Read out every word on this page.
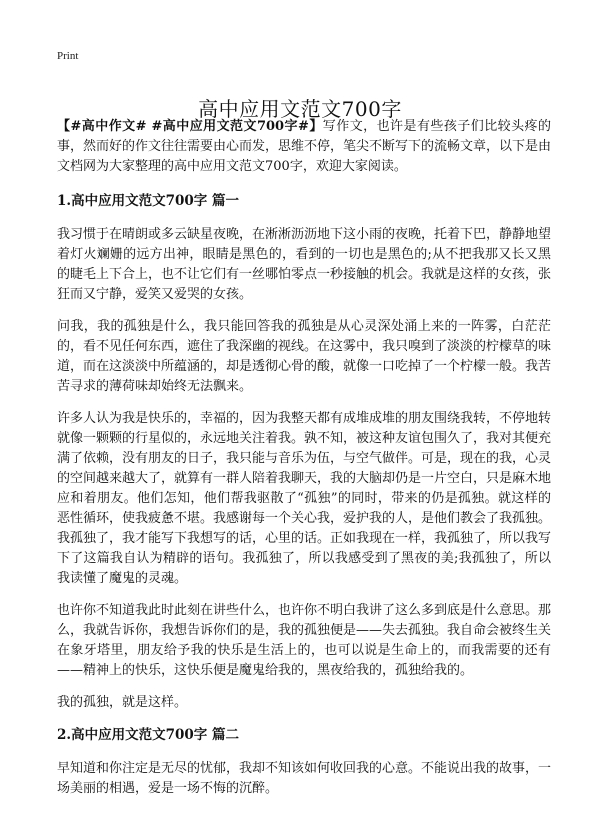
Print
高中应用文范文700字

【#高中作文# #高中应用文范文700字#】写作文，也许是有些孩子们比较头疼的事，然而好的作文往往需要由心而发，思维不停，笔尖不断写下的流畅文章，以下是由文档网为大家整理的高中应用文范文700字，欢迎大家阅读。

1.高中应用文范文700字 篇一

我习惯于在晴朗或多云缺星夜晚，在淅淅沥沥地下这小雨的夜晚，托着下巴，静静地望着灯火斓姗的远方出神，眼睛是黑色的，看到的一切也是黑色的;从不把我那又长又黑的睫毛上下合上，也不让它们有一丝哪怕零点一秒接触的机会。我就是这样的女孩，张狂而又宁静，爱笑又爱哭的女孩。

问我，我的孤独是什么，我只能回答我的孤独是从心灵深处涌上来的一阵雾，白茫茫的，看不见任何东西，遮住了我深幽的视线。在这雾中，我只嗅到了淡淡的柠檬草的味道，而在这淡淡中所蕴涵的，却是透彻心骨的酸，就像一口吃掉了一个柠檬一般。我苦苦寻求的薄荷味却始终无法飘来。

许多人认为我是快乐的，幸福的，因为我整天都有成堆成堆的朋友围绕我转，不停地转就像一颗颗的行星似的，永远地关注着我。孰不知，被这种友谊包围久了，我对其便充满了依赖，没有朋友的日子，我只能与音乐为伍，与空气做伴。可是，现在的我，心灵的空间越来越大了，就算有一群人陪着我聊天，我的大脑却仍是一片空白，只是麻木地应和着朋友。他们怎知，他们帮我驱散了“孤独”的同时，带来的仍是孤独。就这样的恶性循环，使我疲惫不堪。我感谢每一个关心我，爱护我的人，是他们教会了我孤独。我孤独了，我才能写下我想写的话，心里的话。正如我现在一样，我孤独了，所以我写下了这篇我自认为精辟的语句。我孤独了，所以我感受到了黑夜的美;我孤独了，所以我读懂了魔鬼的灵魂。

也许你不知道我此时此刻在讲些什么，也许你不明白我讲了这么多到底是什么意思。那么，我就告诉你，我想告诉你们的是，我的孤独便是——失去孤独。我自命会被终生关在象牙塔里，朋友给予我的快乐是生活上的，也可以说是生命上的，而我需要的还有——精神上的快乐，这快乐便是魔鬼给我的，黑夜给我的，孤独给我的。

我的孤独，就是这样。

2.高中应用文范文700字 篇二

早知道和你注定是无尽的忧郁，我却不知该如何收回我的心意。不能说出我的故事，一场美丽的相遇，爱是一场不悔的沉醉。
